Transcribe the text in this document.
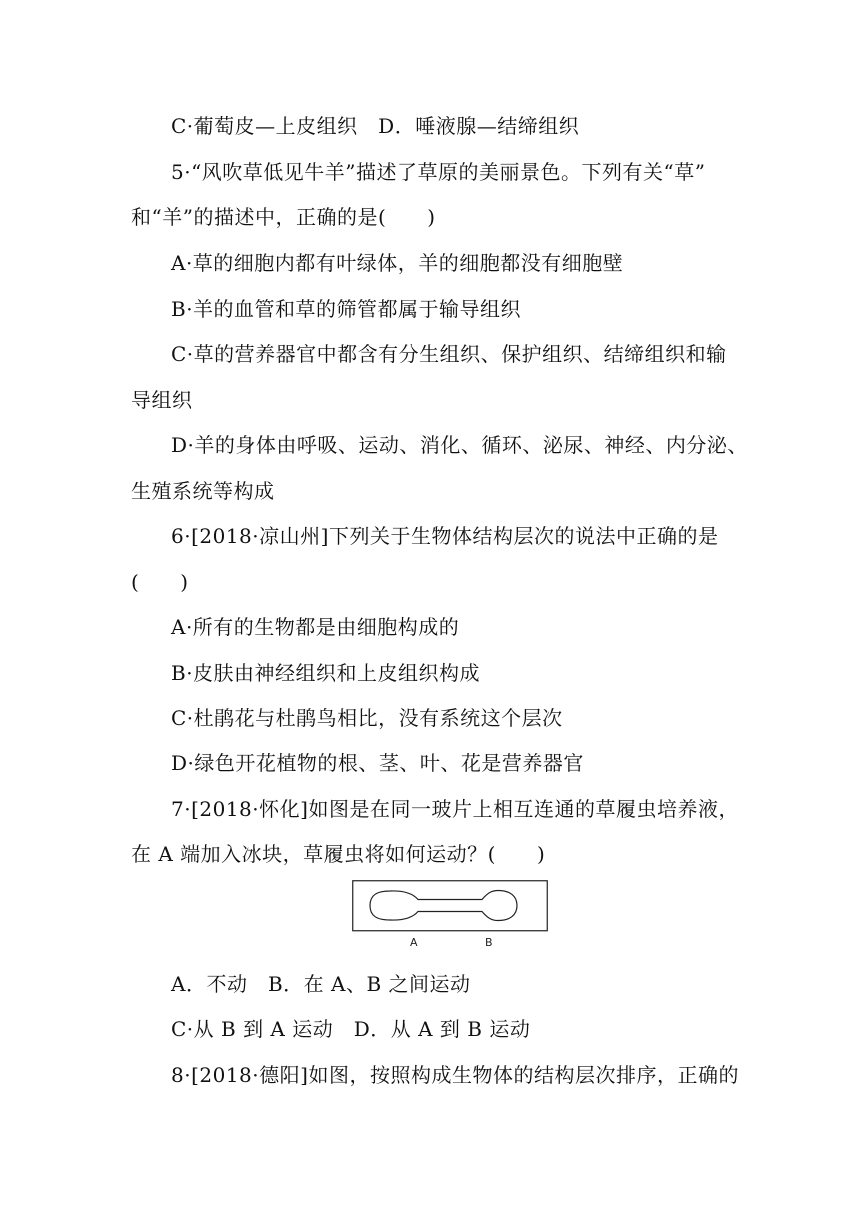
C·葡萄皮—上皮组织　D．唾液腺—结缔组织
5·“风吹草低见牛羊”描述了草原的美丽景色。下列有关“草”
和“羊”的描述中，正确的是(　　)
A·草的细胞内都有叶绿体，羊的细胞都没有细胞壁
B·羊的血管和草的筛管都属于输导组织
C·草的营养器官中都含有分生组织、保护组织、结缔组织和输
导组织
D·羊的身体由呼吸、运动、消化、循环、泌尿、神经、内分泌、
生殖系统等构成
6·[2018·凉山州]下列关于生物体结构层次的说法中正确的是
(　　)
A·所有的生物都是由细胞构成的
B·皮肤由神经组织和上皮组织构成
C·杜鹃花与杜鹃鸟相比，没有系统这个层次
D·绿色开花植物的根、茎、叶、花是营养器官
7·[2018·怀化]如图是在同一玻片上相互连通的草履虫培养液，
在 A 端加入冰块，草履虫将如何运动？(　　)
A	B
A．不动　B．在 A、B 之间运动
C·从 B 到 A 运动　D．从 A 到 B 运动
8·[2018·德阳]如图，按照构成生物体的结构层次排序，正确的
